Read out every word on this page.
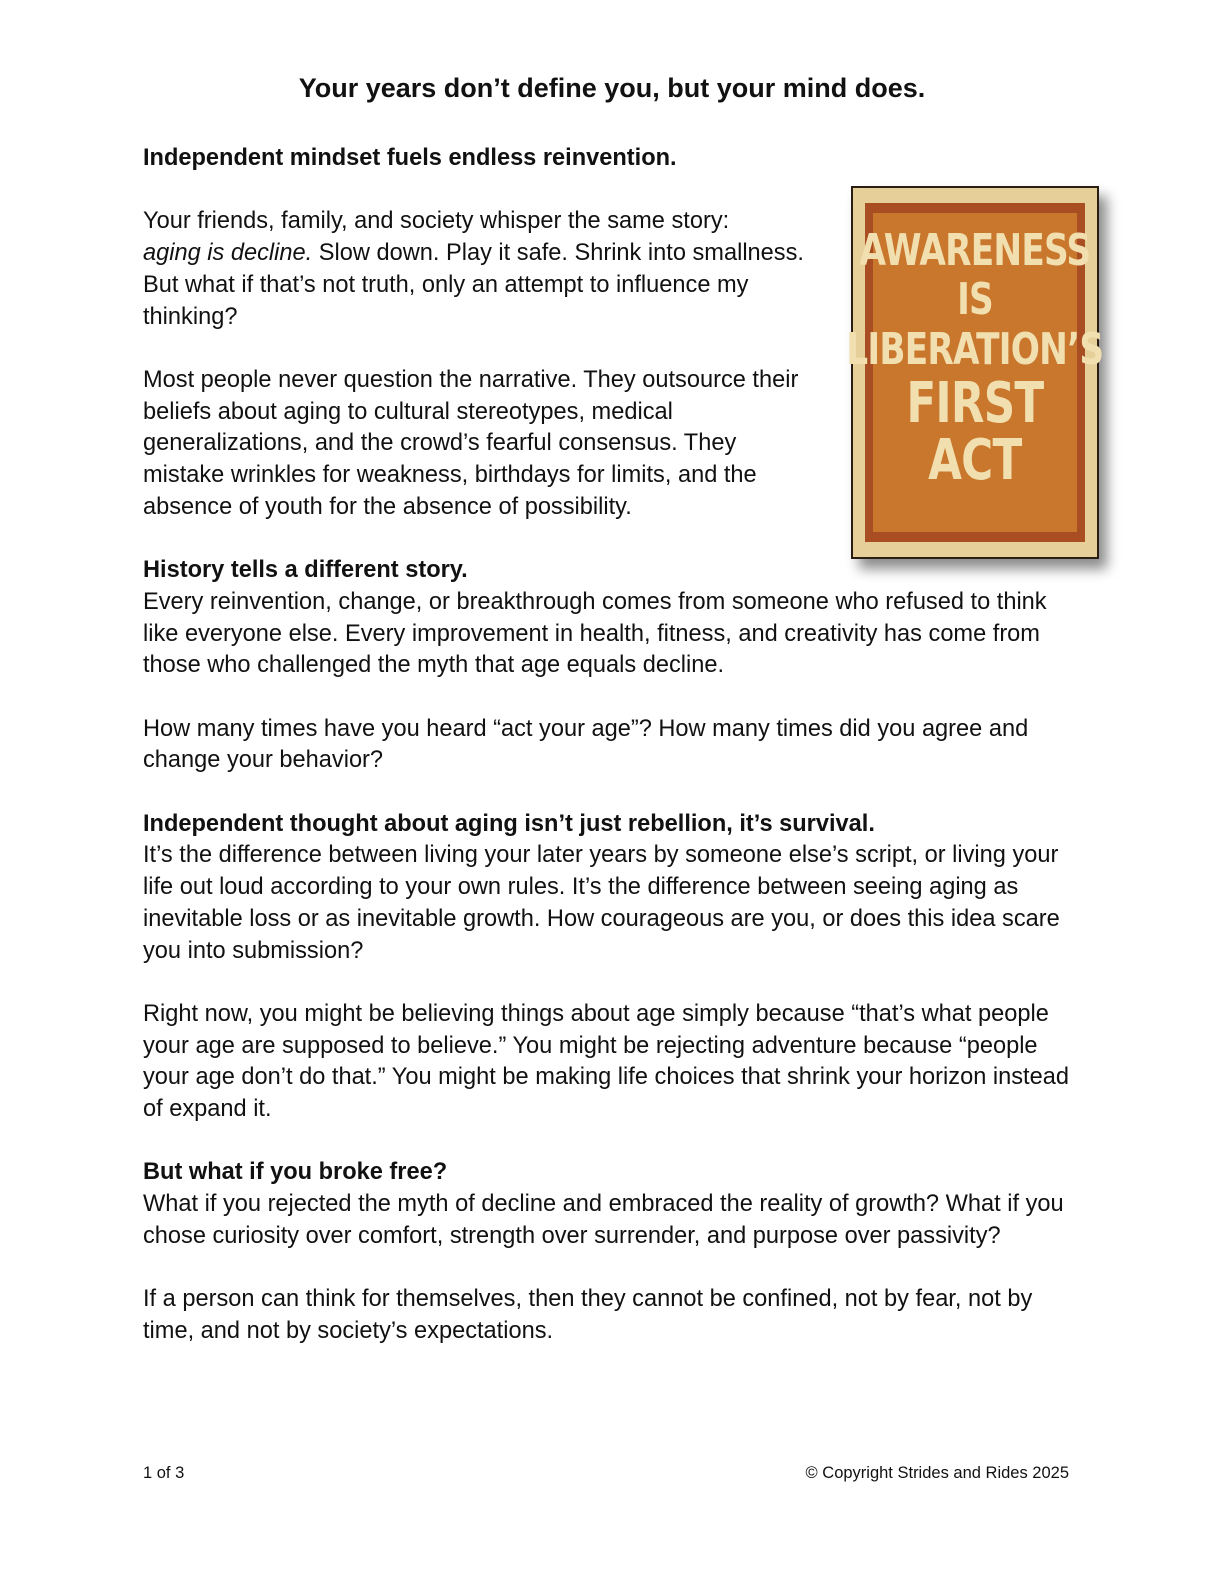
Your years don’t define you, but your mind does.

Independent mindset fuels endless reinvention.

Your friends, family, and society whisper the same story:
aging is decline. Slow down. Play it safe. Shrink into smallness.
But what if that’s not truth, only an attempt to influence my thinking?

Most people never question the narrative. They outsource their beliefs about aging to cultural stereotypes, medical generalizations, and the crowd’s fearful consensus. They mistake wrinkles for weakness, birthdays for limits, and the absence of youth for the absence of possibility.

History tells a different story.

Every reinvention, change, or breakthrough comes from someone who refused to think like everyone else. Every improvement in health, fitness, and creativity has come from those who challenged the myth that age equals decline.

How many times have you heard “act your age”? How many times did you agree and change your behavior?

Independent thought about aging isn’t just rebellion, it’s survival.

It’s the difference between living your later years by someone else’s script, or living your life out loud according to your own rules. It’s the difference between seeing aging as inevitable loss or as inevitable growth. How courageous are you, or does this idea scare you into submission?

Right now, you might be believing things about age simply because “that’s what people your age are supposed to believe.” You might be rejecting adventure because “people your age don’t do that.” You might be making life choices that shrink your horizon instead of expand it.

But what if you broke free?

What if you rejected the myth of decline and embraced the reality of growth? What if you chose curiosity over comfort, strength over surrender, and purpose over passivity?

If a person can think for themselves, then they cannot be confined, not by fear, not by time, and not by society’s expectations.

AWARENESS
IS
LIBERATION’S
FIRST
ACT
1 of 3	© Copyright Strides and Rides 2025
